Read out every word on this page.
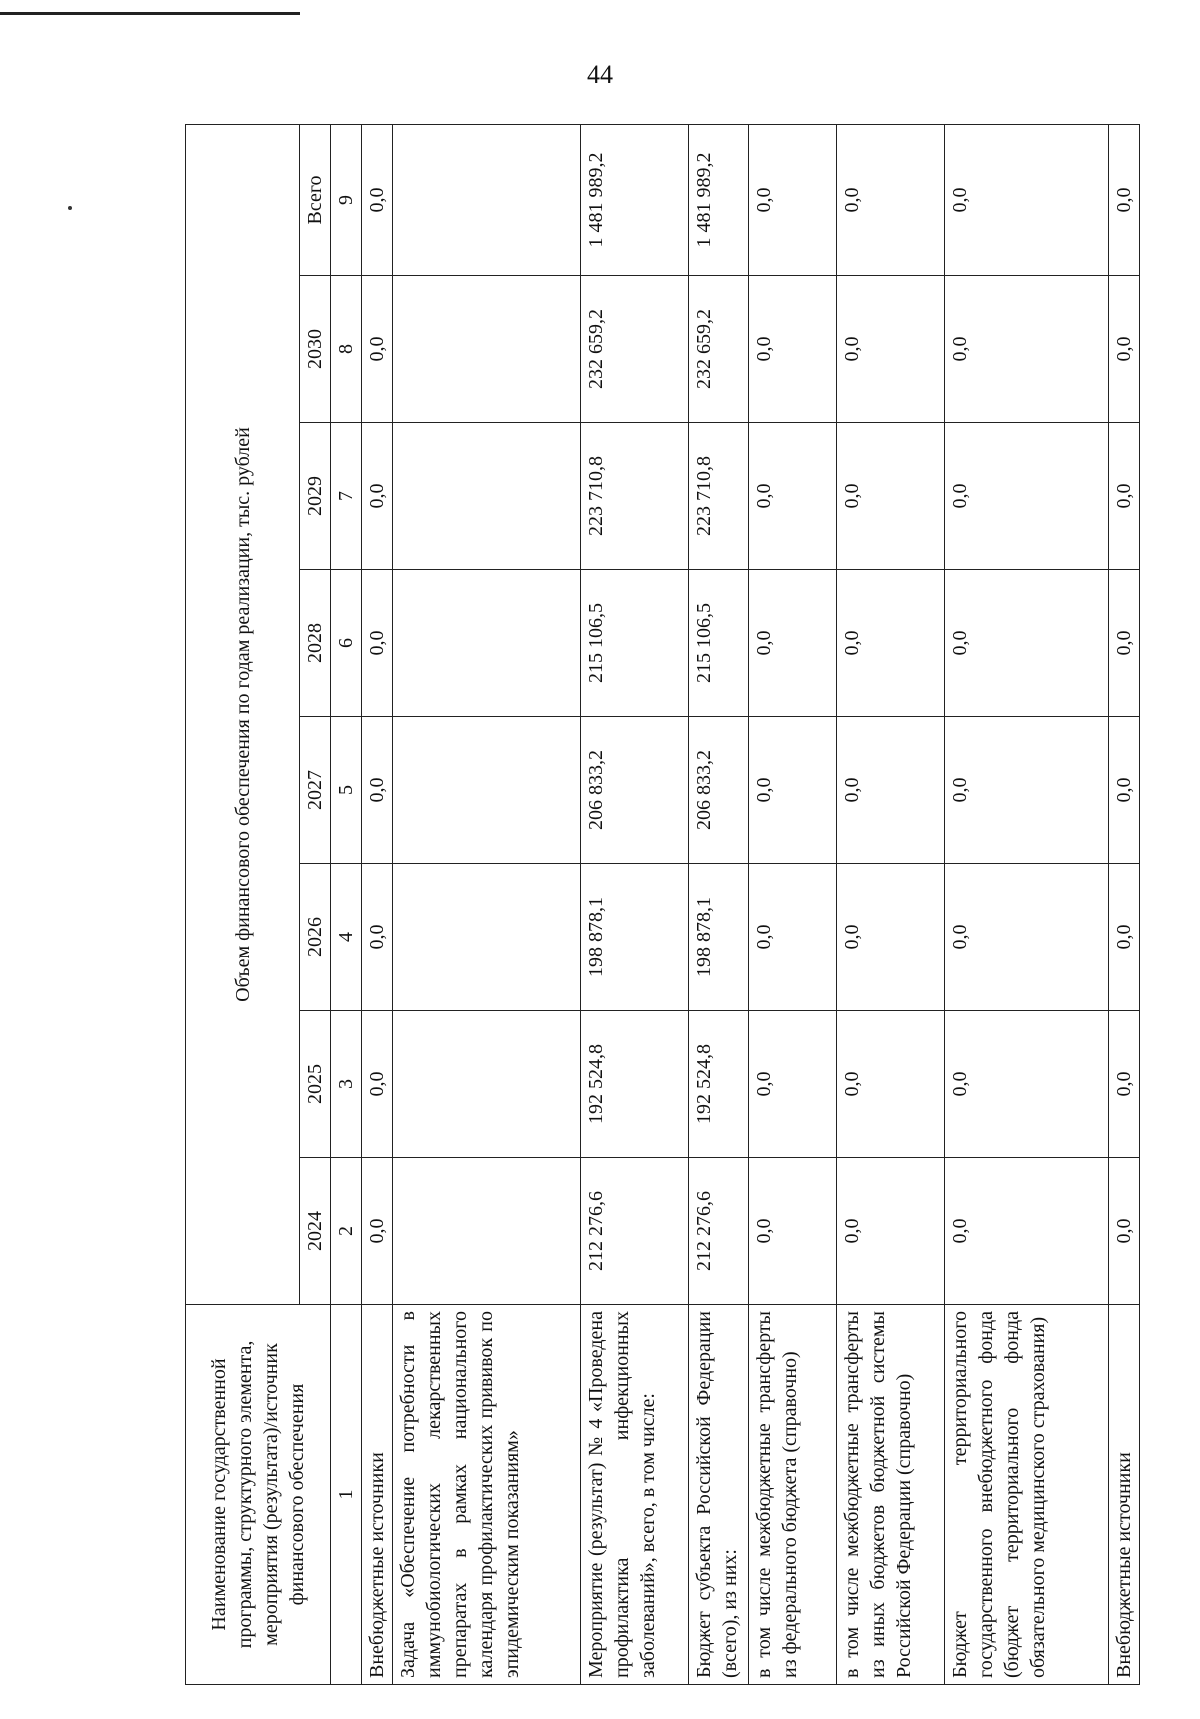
44
Наименование государственной программы, структурного элемента, мероприятия (результата)/источник финансового обеспечения	Объем финансового обеспечения по годам реализации, тыс. рублей							
	2024	2025	2026	2027	2028	2029	2030	Всего
1	2	3	4	5	6	7	8	9
Внебюджетные источники	0,0	0,0	0,0	0,0	0,0	0,0	0,0	0,0
Задача «Обеспечение потребности в иммунобиологических лекарственных препаратах в рамках национального календаря профилактических прививок по эпидемическим показаниям»								
Мероприятие (результат) № 4 «Проведена профилактика инфекционных заболеваний», всего, в том числе:	212 276,6	192 524,8	198 878,1	206 833,2	215 106,5	223 710,8	232 659,2	1 481 989,2
Бюджет субъекта Российской Федерации (всего), из них:	212 276,6	192 524,8	198 878,1	206 833,2	215 106,5	223 710,8	232 659,2	1 481 989,2
в том числе межбюджетные трансферты из федерального бюджета (справочно)	0,0	0,0	0,0	0,0	0,0	0,0	0,0	0,0
в том числе межбюджетные трансферты из иных бюджетов бюджетной системы Российской Федерации (справочно)	0,0	0,0	0,0	0,0	0,0	0,0	0,0	0,0
Бюджет территориального государственного внебюджетного фонда (бюджет территориального фонда обязательного медицинского страхования)	0,0	0,0	0,0	0,0	0,0	0,0	0,0	0,0
Внебюджетные источники	0,0	0,0	0,0	0,0	0,0	0,0	0,0	0,0
